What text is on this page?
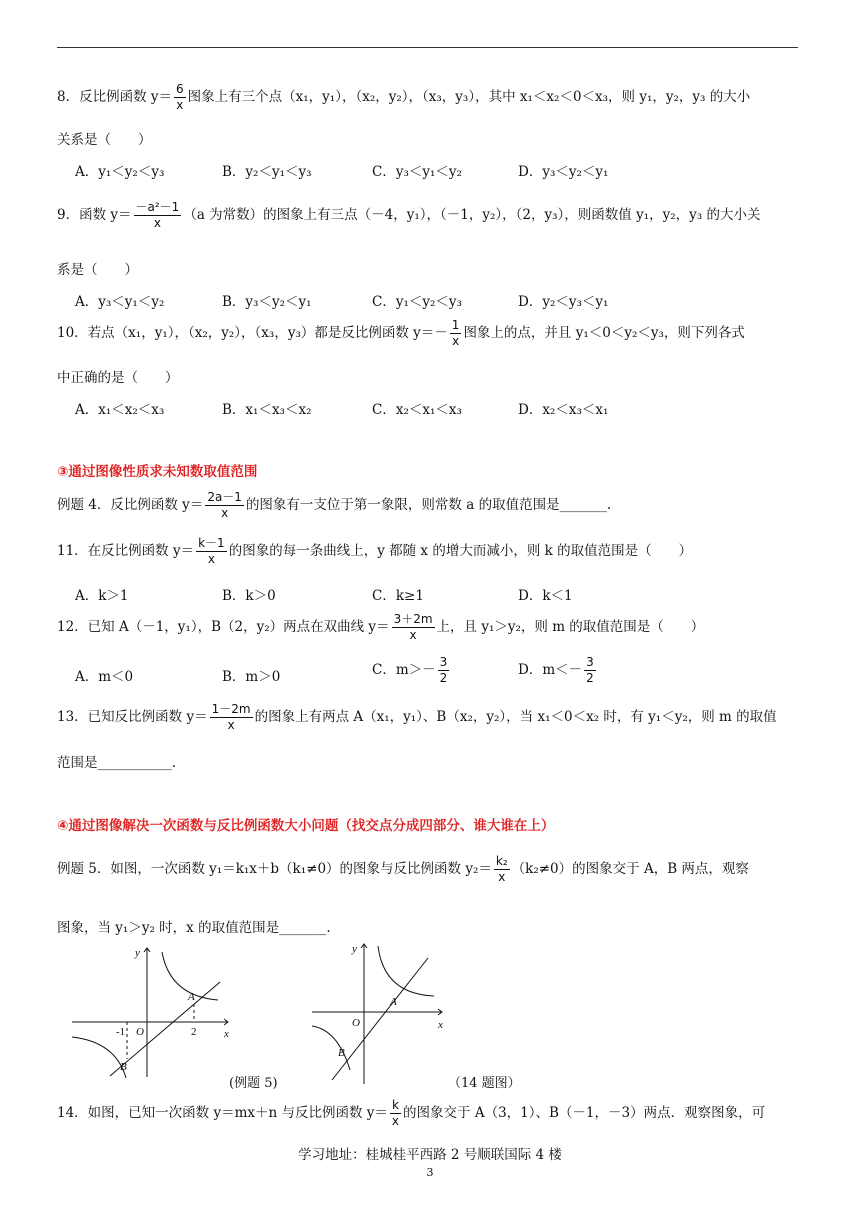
8．反比例函数 $y= \frac{6}{x}$ 图象上有三个点（x₁，y₁），（x₂，y₂），（x₃，y₃），其中 x₁＜x₂＜0＜x₃，则 y₁，y₂，y₃ 的大小
关系是（　　）
A．y₁＜y₂＜y₃	B．y₂＜y₁＜y₃	C．y₃＜y₁＜y₂	D．y₃＜y₂＜y₁
9．函数 $y= \frac{\text{－a²－1}}{x} (a$ 为常数）的图象上有三点（－4，y₁），（－1，y₂），（2，y₃），则函数值 y₁，y₂，y₃ 的大小关
系是（　　）
A．y₃＜y₁＜y₂	B．y₃＜y₂＜y₁	C．y₁＜y₂＜y₃	D．y₂＜y₃＜y₁
10．若点（x₁，y₁），（x₂，y₂），（x₃，y₃）都是反比例函数 $y=- \frac{1}{x}$ 图象上的点，并且 y₁＜0＜y₂＜y₃，则下列各式
中正确的是（　　）
A．x₁＜x₂＜x₃	B．x₁＜x₃＜x₂	C．x₂＜x₁＜x₃	D．x₂＜x₃＜x₁
③通过图像性质求未知数取值范围
例题 4．反比例函数 $y= \frac{2a-1}{x}$ 的图象有一支位于第一象限，则常数 a 的取值范围是_______.
11．在反比例函数 $y= \frac{k-1}{x}$ 的图象的每一条曲线上，y 都随 x 的增大而减小，则 k 的取值范围是（　　）
A．k＞1	B．k＞0	C．k≥1	D．k＜1
12．已知 A（－1，y₁），B（2，y₂）两点在双曲线 $y= \frac{3+2m}{x}$ 上，且 y₁＞y₂，则 m 的取值范围是（　　）
A．m＜0	B．m＞0	C．$m>- \frac{3}{2}$	D．$m<- \frac{3}{2}$
13．已知反比例函数 $y= \frac{1-2m}{x}$ 的图象上有两点 A（x₁，y₁）、B（x₂，y₂），当 x₁＜0＜x₂ 时，有 y₁＜y₂，则 m 的取值
范围是___________.
④通过图像解决一次函数与反比例函数大小问题（找交点分成四部分、谁大谁在上）
例题 5．如图，一次函数 y₁＝k₁x＋b（k₁≠0）的图象与反比例函数 $y_2= \frac{\text{k₂}}{x} (k_2\ne 0)$的图象交于 A，B 两点，观察
图象，当 y₁＞y₂ 时，x 的取值范围是_______.
y
x
O
A
B
-1	2
(例题 5)
y
x
O
A
B
（14 题图）
14．如图，已知一次函数 y＝mx＋n 与反比例函数 $y= \frac{k}{x}$ 的图象交于 A（3，1）、B（－1，－3）两点．观察图象，可
学习地址：桂城桂平西路 2 号顺联国际 4 楼
3
